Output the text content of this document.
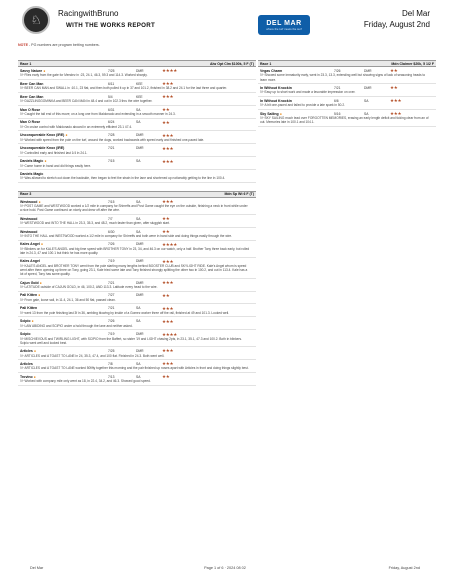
♘ RacingwithBruno
WITH THE WORKS REPORT	DEL MAR
where the turf meets the surf
Del Mar
Friday, August 2nd
NOTE - PG numbers are program betting numbers.
Race 1	Alw Opt Clm $100k, 5 F (T)
Savvy Nature●	7/25	DMR	★★★★
5f~Flies early from the gate for Mendez in :23, 24.1, 46.3, 59.3 and 114.3. Worked sharply.
Beer Can Man	6/11	KEE	★★★
5f~BEER CAN MAN and SWALL in :10.1, 23 flat, and then both pulled it up in 37 and 101.2, finished in 38.2 and 24.1 for the last three and quarter.
Beer Can Man	5/4	KEE	★★★
5f~DAZZLINGGOMINKA and BEER CAN MAN in 48.4 and out in 102.3 thru the wire together.
Man O Rose	6/31	SA	★★
5f~Caught the tail end of this move; on a long one from Maldonado and extending in a smooth manner in 24.3.
Man O Rose	6/24	SA	★★
5f~On cruise control with Maldonado aboard in an extremely efficient 23.1 47.4.
Unconquerable Knox (IRE)●	7/28	DMR	★★★
5f~Worked with speed from the pole on the turf, around the dogs, worked backwards with speed early and finished one-paced late.
Unconquerable Knox (IRE)	7/21	DMR	★★★
5f~Controlled early and finished last 1/4 in 24.1.
Daniels Magic●	7/15	SA	★★★
5f~Came home in hand and did things easily here.
Daniels Magic
5f~Was allowed to stretch out down the backside, then began to feel the strain in the lane and shortened up noticeably getting to the line in 100.4.
Race 3	Mdn Sp Wt 6 F (T)
Westwood●	7/15	SA	★★★
5f~POST GAME and WESTWOOD worked a 1/2 mile in company for Shirreffs and Post Game caught the eye on the outside, finishing a neck in front while under a nice hold. Post Game continued on nicely and drew off after the wire.
Westwood	7/7	SA	★★
5f~WESTWOOD and INTO THE HALL in 23.3, 35.3, and 48.2, much faster than given, after sluggish start.
Westwood	6/30	SA	★★
5f~INTO THE HALL and WESTWOOD worked a 1/2 mile in company for Shirreffs and both were in hand side and doing things easily through the wire.
Kales Angel●	7/26	DMR	★★★★
5f~Blinkers on for KALE'S ANGEL and big time speed with BROTHER TONY in 23, 34, and 46.3 on our watch, only a half. Brother Tony three back early, but rolled late in 24.3, 47 and 100.1 but think he has more quality.
Kales Angel	7/19	DMR	★★★
5f~KALE'S ANGEL and BROTHER TONY went from the pole starting many lengths behind BOOSTER CLUB and SKYLIGHT RIDE. Kale's Angel whom is speed went after them opening up three on Tony, going 23.1, Kale tried some late and Tony finished strongly splitting the other two in 100.2, and out in 113.4. Kale has a lot of speed, Tony has some quality.
Cajun Gold●	7/21	DMR	★★★
5f~LATITUDE outside of CAJUN GOLD, in 46, 100.2, AND 113.3. Latitude every head to the wire.
Pali Kitten●	7/27	DMR	★★
5f~From gate, loose sail, in 11.4, 24.1, 36 and 50 flat, passed clean.
Pali Kitten	7/21	SA	★★★
5f~went 13 from the pole finishing last 3f in 36, ambling blowing by inside of a Gomez worker three off the rail, finished at 49 and 101.3. Looked well.
Scipio●	7/26	SA	★★★
5f~LAW ABIDING and SCIPIO under a hold through the lane and neither asked.
Scipio	7/19	DMR	★★★★
5f~MISCHIEVOUS and TWIRLING LIGHT, with SCIPIO from the Baffert, so sister '19 and LIGHT chasing 2pts, in 23.1, 35.1, 47.3 and 100.2. Both in blinkers. Scipio went well and looked best.
Articles●	7/25	DMR	★★★
5f~ARTICLES and A TOAST TO LANE in 24, 35.3, 47.4, and 100 flat. Finished in 24.3. Both went well.
Articles	7/8	SA	★★★
5f~ARTICLES and A TOAST TO LANE worked 50fifty together this morning and the pair finished up noses apart with Articles in front and doing things slightly best.
Trovino●	7/13	SA	★★
5f~Worked with company mile only went as 18, in 22.4, 34.2, and 46.3. Showed good speed.
Race 1	Mdn Claimer $20k, 5 1/2 F
Vegas Charm	7/26	DMR	★★
5f~Showed some immaturity early, went in 23.3, 13.3, extending well but showing signs of lack of seasoning heads to learn more.
In Without Knockin	7/21	DMR	★★
5f~Easy up to short work and made a favorable impression on over.
In Without Knockin	6/6	SA	★★★
5f~A bit one-paced and failed to provide a late spark in 50.2.
Sky Sailing●	5/16	SA	★★★
5f~SKY SAILING much lead over FORGOTTEN MEMORIES, erasing an early length deficit and ticking clear from an of out. Memories late in 100.1 and 104.1.
Del Mar	Page 1 of 6 · 2024 08 02	Friday, August 2nd
